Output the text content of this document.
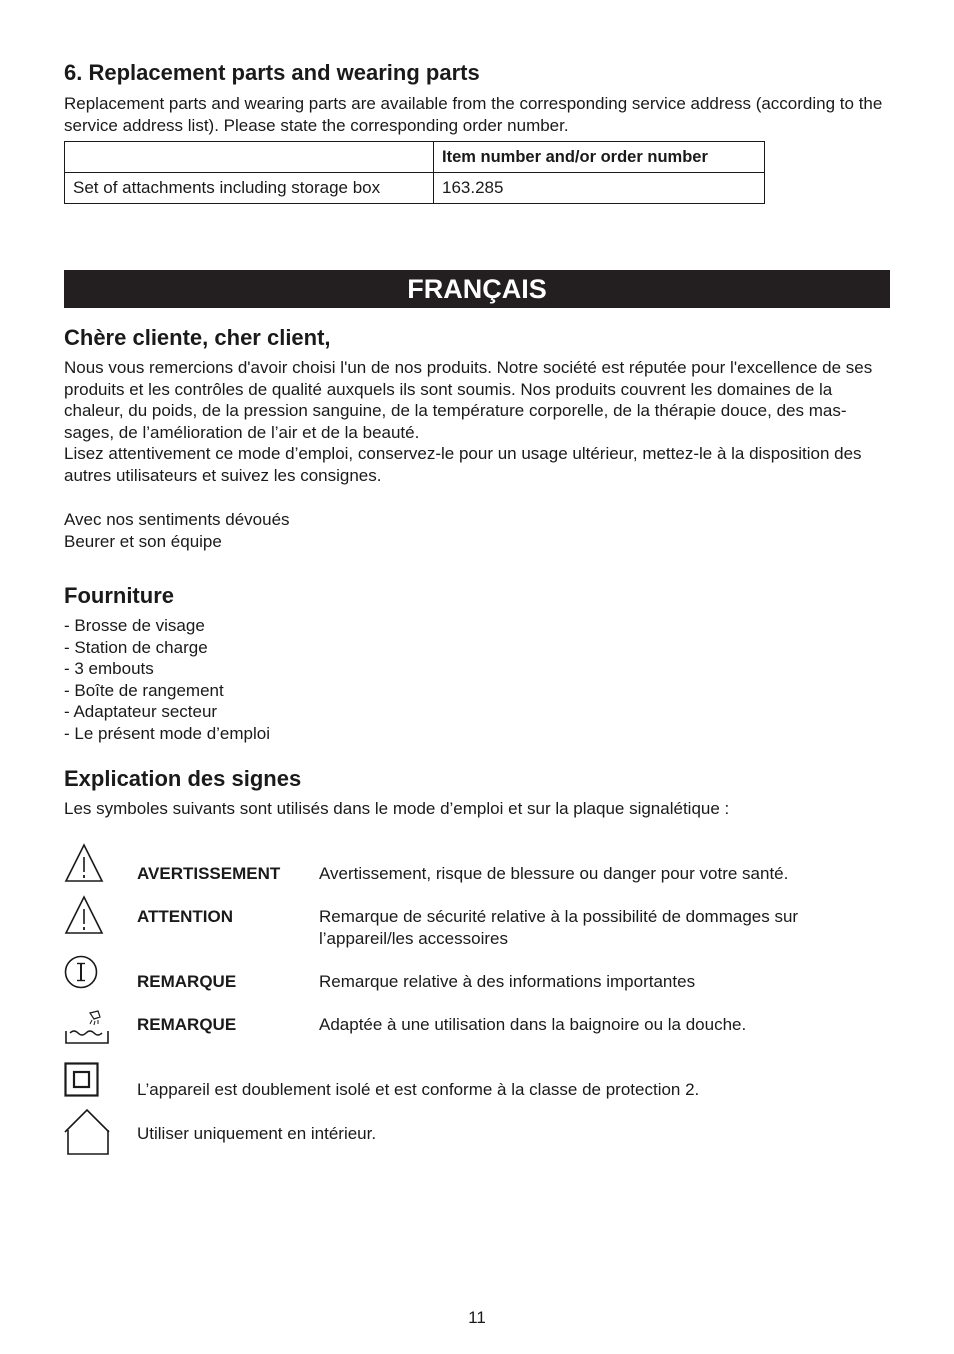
6. Replacement parts and wearing parts

Replacement parts and wearing parts are available from the corresponding service address (according to the service address list). Please state the corresponding order number.

	Item number and/or order number
Set of attachments including storage box	163.285
FRANÇAIS
Chère cliente, cher client,

Nous vous remercions d'avoir choisi l'un de nos produits. Notre société est réputée pour l'excellence de ses produits et les contrôles de qualité auxquels ils sont soumis. Nos produits couvrent les domaines de la chaleur, du poids, de la pression sanguine, de la température corporelle, de la thérapie douce, des mas-sages, de l’amélioration de l’air et de la beauté.

Lisez attentivement ce mode d’emploi, conservez-le pour un usage ultérieur, mettez-le à la disposition des autres utilisateurs et suivez les consignes.

Avec nos sentiments dévoués

Beurer et son équipe

Fourniture
- Brosse de visage
- Station de charge
- 3 embouts
- Boîte de rangement
- Adaptateur secteur
- Le présent mode d’emploi
Explication des signes

Les symboles suivants sont utilisés dans le mode d’emploi et sur la plaque signalétique :

AVERTISSEMENT Avertissement, risque de blessure ou danger pour votre santé.
ATTENTION	Remarque de sécurité relative à la possibilité de dommages sur l’appareil/les accessoires
REMARQUE	Remarque relative à des informations importantes
REMARQUE	Adaptée à une utilisation dans la baignoire ou la douche.
L’appareil est doublement isolé et est conforme à la classe de protection 2.
Utiliser uniquement en intérieur.
11
